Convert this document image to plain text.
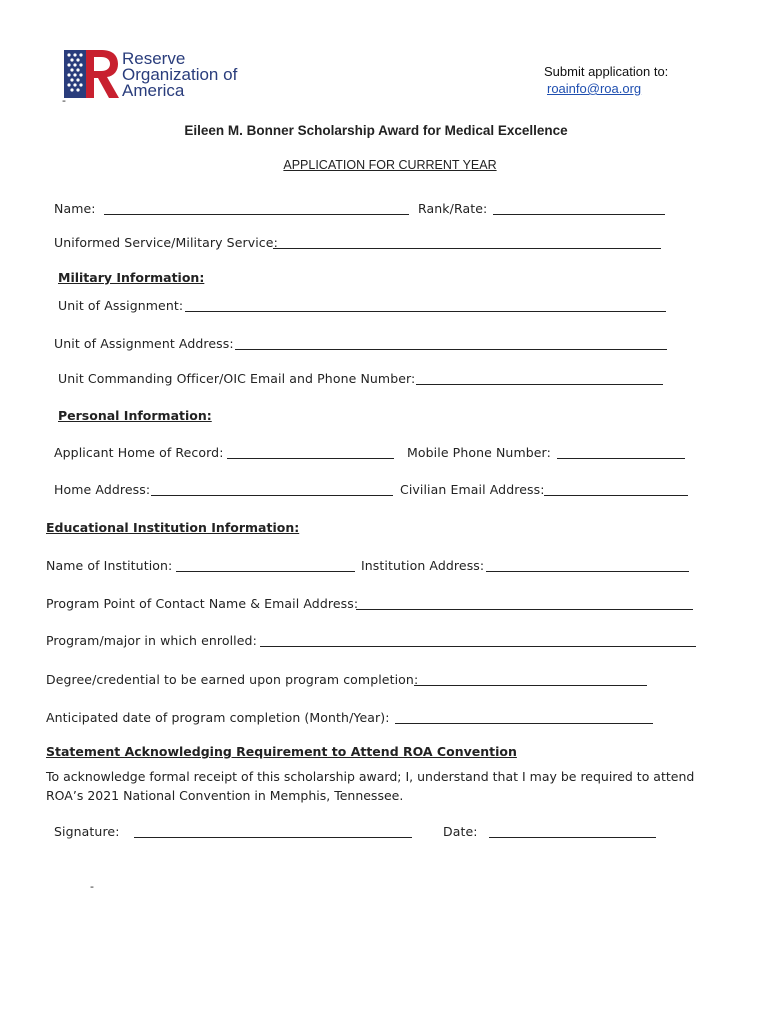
Reserve
Organization of
America
-
Submit application to:
roainfo@roa.org
Eileen M. Bonner Scholarship Award for Medical Excellence
APPLICATION FOR CURRENT YEAR
Name:	Rank/Rate:
Uniformed Service/Military Service:
Military Information:
Unit of Assignment:
Unit of Assignment Address:
Unit Commanding Officer/OIC Email and Phone Number:
Personal Information:
Applicant Home of Record:	Mobile Phone Number:
Home Address:	Civilian Email Address:
Educational Institution Information:
Name of Institution:	Institution Address:
Program Point of Contact Name & Email Address:
Program/major in which enrolled:
Degree/credential to be earned upon program completion:
Anticipated date of program completion (Month/Year):
Statement Acknowledging Requirement to Attend ROA Convention
To acknowledge formal receipt of this scholarship award; I, understand that I may be required to attend ROA’s 2021 National Convention in Memphis, Tennessee.
Signature:	Date:
-
